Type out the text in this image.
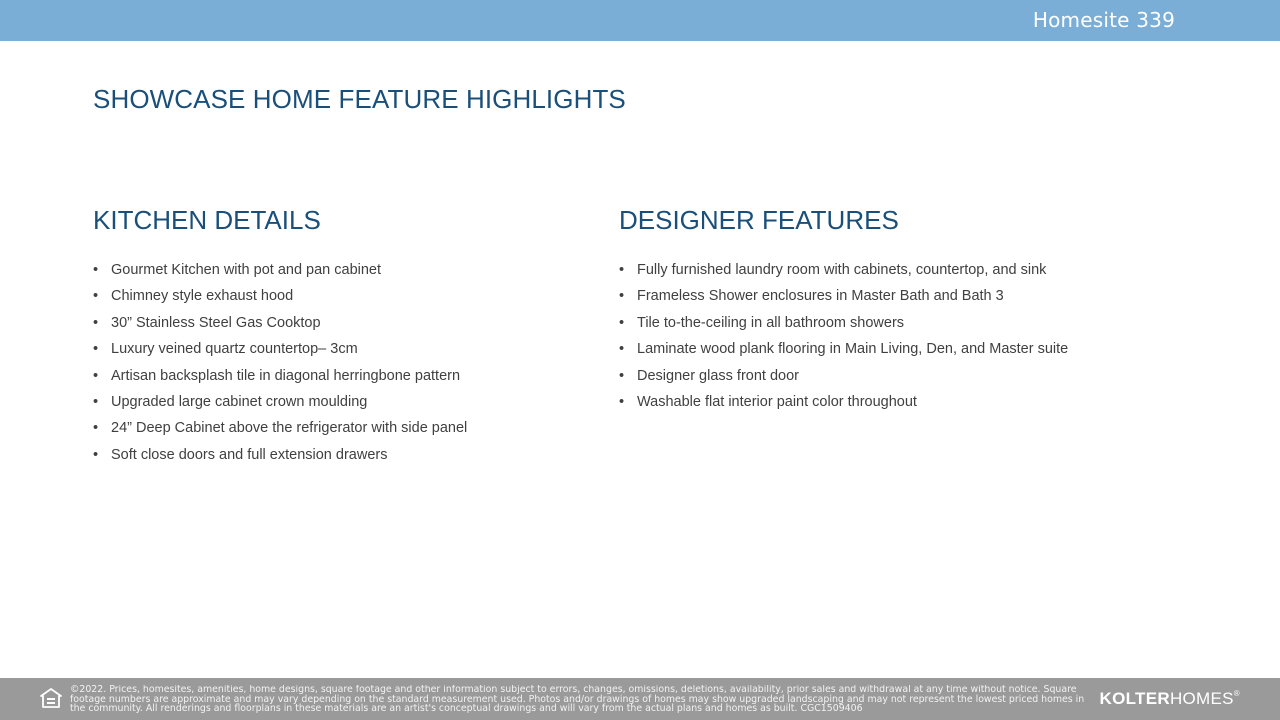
Homesite 339
SHOWCASE HOME FEATURE HIGHLIGHTS
KITCHEN DETAILS
• Gourmet Kitchen with pot and pan cabinet
• Chimney style exhaust hood
• 30” Stainless Steel Gas Cooktop
• Luxury veined quartz countertop– 3cm
• Artisan backsplash tile in diagonal herringbone pattern
• Upgraded large cabinet crown moulding
• 24” Deep Cabinet above the refrigerator with side panel
• Soft close doors and full extension drawers
DESIGNER FEATURES
• Fully furnished laundry room with cabinets, countertop, and sink
• Frameless Shower enclosures in Master Bath and Bath 3
• Tile to-the-ceiling in all bathroom showers
• Laminate wood plank flooring in Main Living, Den, and Master suite
• Designer glass front door
• Washable flat interior paint color throughout

©2022. Prices, homesites, amenities, home designs, square footage and other information subject to errors, changes, omissions, deletions, availability, prior sales and withdrawal at any time without notice. Square footage numbers are approximate and may vary depending on the standard measurement used. Photos and/or drawings of homes may show upgraded landscaping and may not represent the lowest priced homes in the community. All renderings and floorplans in these materials are an artist's conceptual drawings and will vary from the actual plans and homes as built. CGC1509406

KOLTERHOMES®
